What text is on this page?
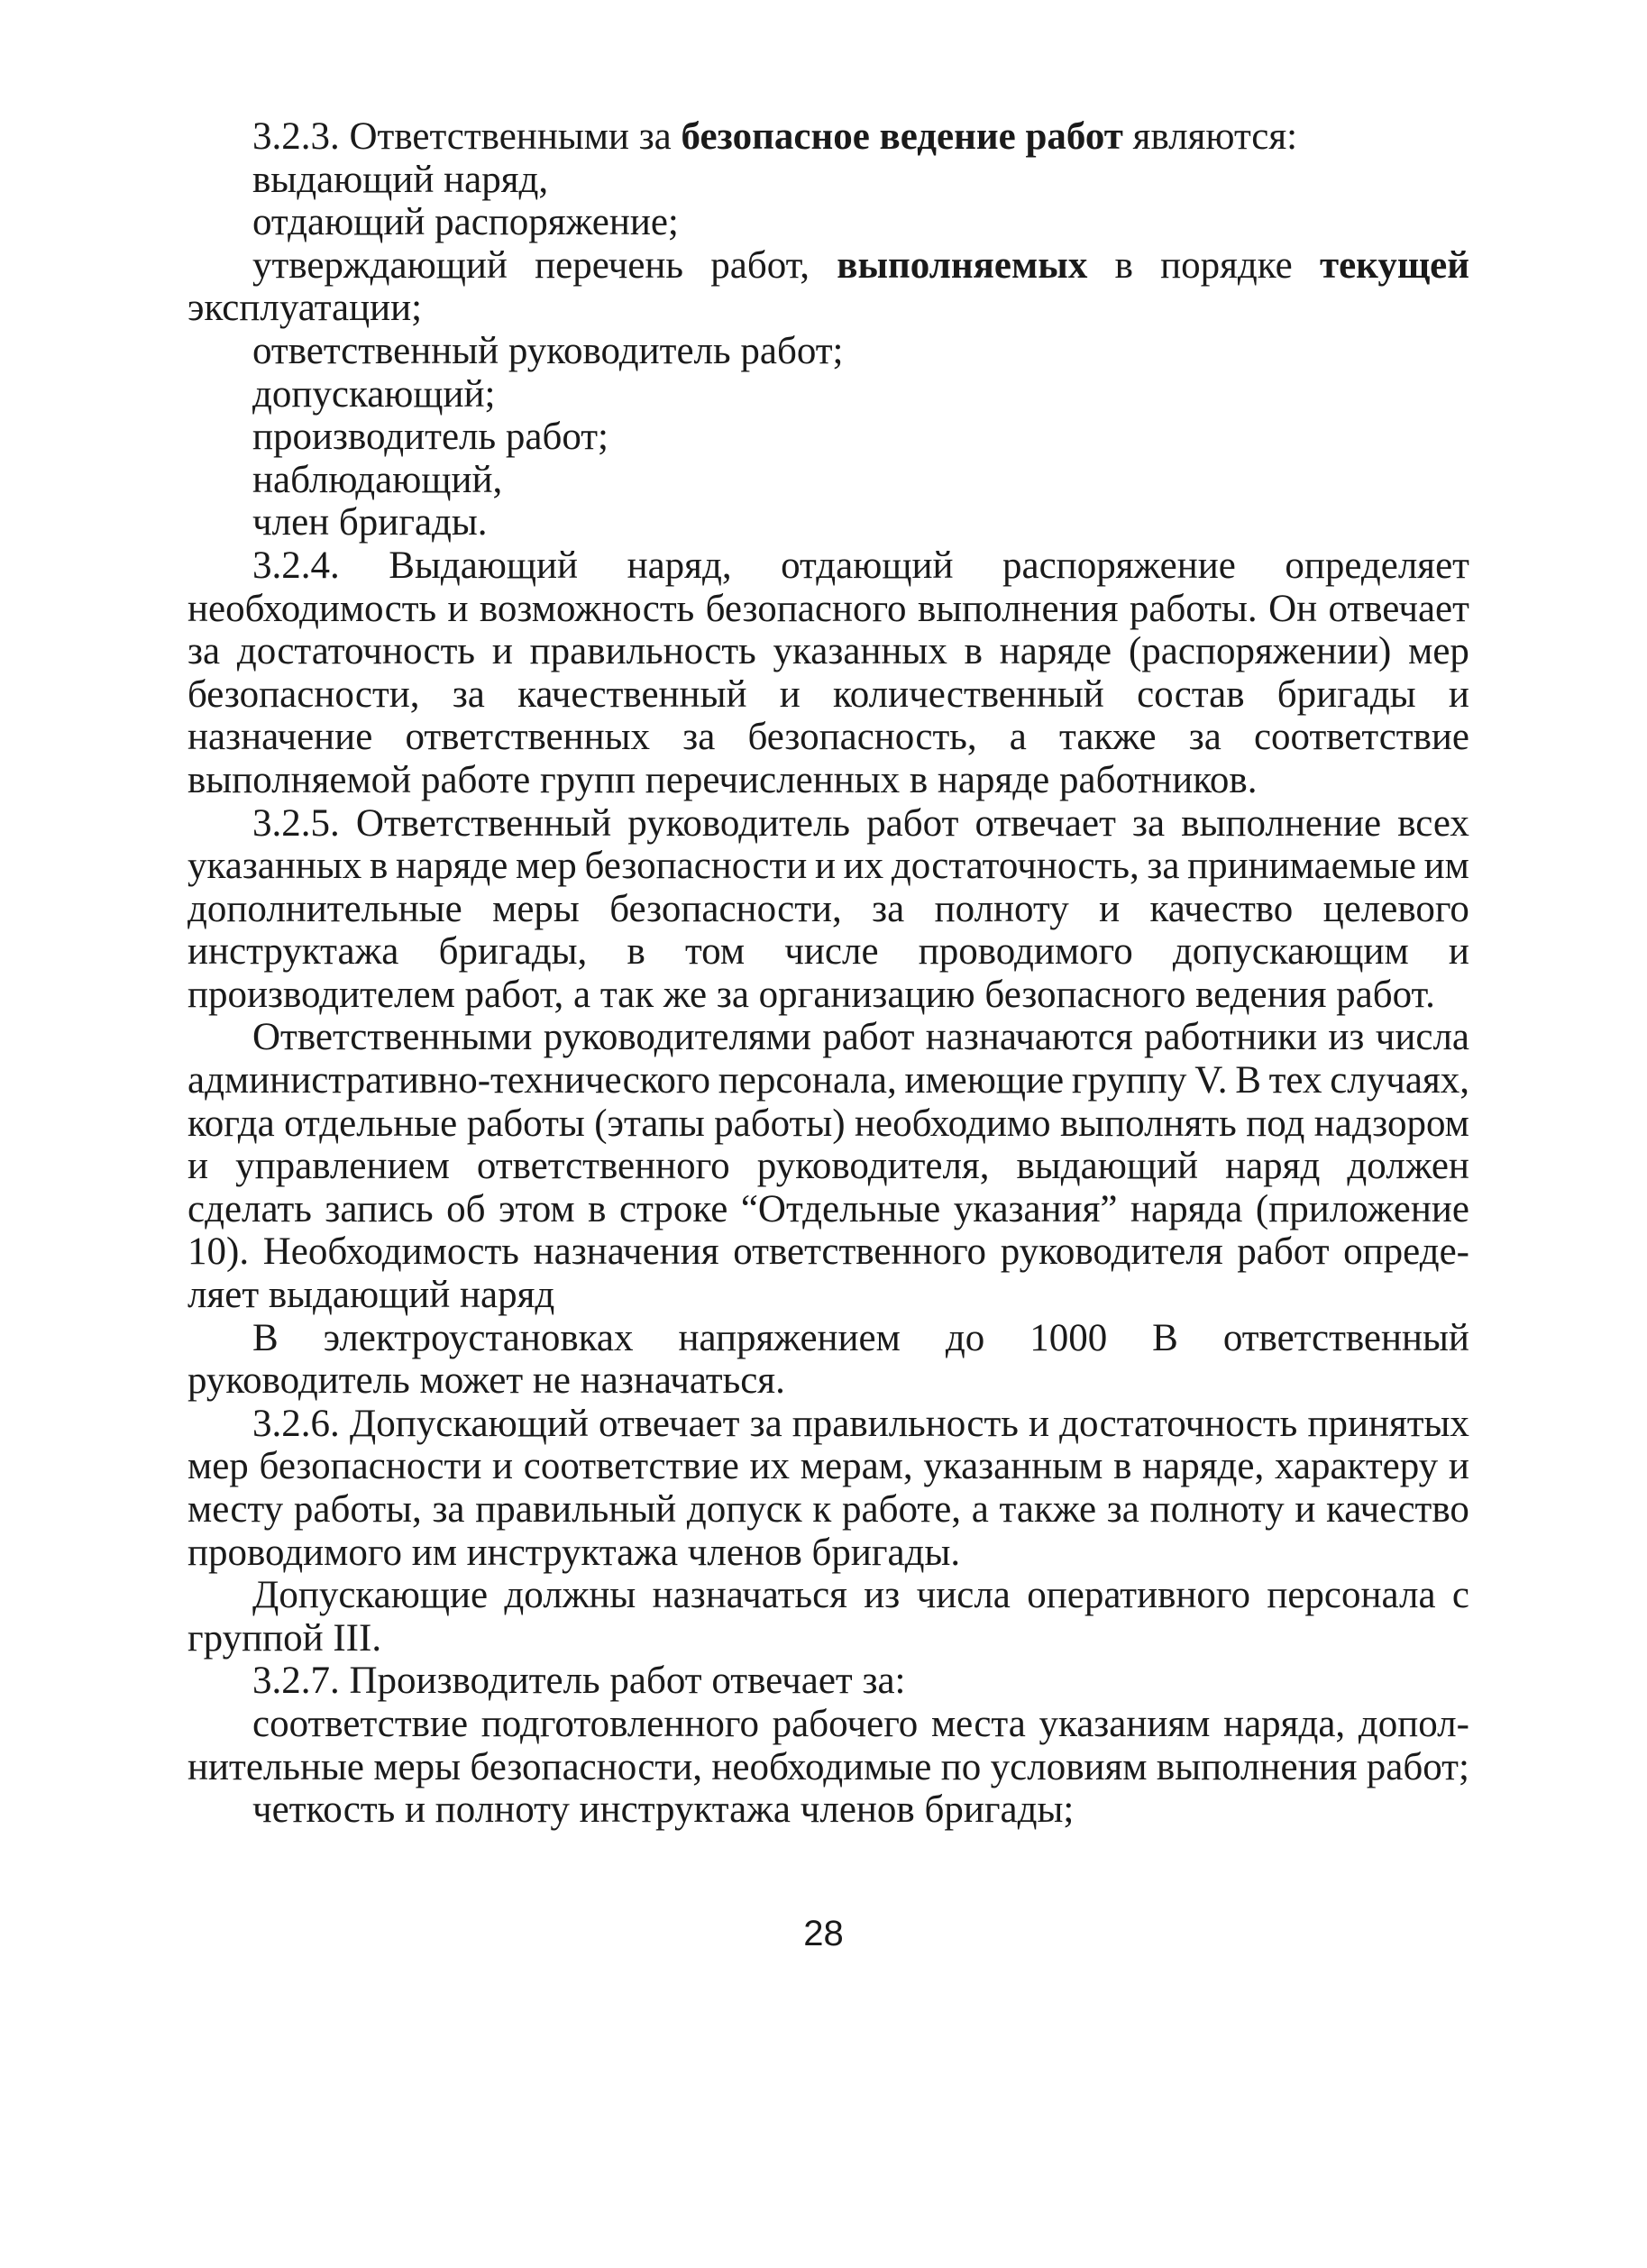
3.2.3. Ответственными за безопасное ведение работ являются:
выдающий наряд,
отдающий распоряжение;
утверждающий перечень работ, выполняемых в порядке текущей
эксплуатации;
ответственный руководитель работ;
допускающий;
производитель работ;
наблюдающий,
член бригады.
3.2.4. Выдающий наряд, отдающий распоряжение определяет
необходимость и возможность безопасного выполнения работы. Он отвечает
за достаточность и правильность указанных в наряде (распоряжении) мер
безопасности, за качественный и количественный состав бригады и
назначение ответственных за безопасность, а также за соответствие
выполняемой работе групп перечисленных в наряде работников.
3.2.5. Ответственный руководитель работ отвечает за выполнение всех
указанных в наряде мер безопасности и их достаточность, за принимаемые им
дополнительные меры безопасности, за полноту и качество целевого
инструктажа бригады, в том числе проводимого допускающим и
производителем работ, а так же за организацию безопасного ведения работ.
Ответственными руководителями работ назначаются работники из числа
административно-технического персонала, имеющие группу V. В тех случаях,
когда отдельные работы (этапы работы) необходимо выполнять под надзором
и управлением ответственного руководителя, выдающий наряд должен
сделать запись об этом в строке “Отдельные указания” наряда (приложение
10). Необходимость назначения ответственного руководителя работ опреде-
ляет выдающий наряд
В электроустановках напряжением до 1000 В ответственный
руководитель может не назначаться.
3.2.6. Допускающий отвечает за правильность и достаточность принятых
мер безопасности и соответствие их мерам, указанным в наряде, характеру и
месту работы, за правильный допуск к работе, а также за полноту и качество
проводимого им инструктажа членов бригады.
Допускающие должны назначаться из числа оперативного персонала с
группой III.
3.2.7. Производитель работ отвечает за:
соответствие подготовленного рабочего места указаниям наряда, допол-
нительные меры безопасности, необходимые по условиям выполнения работ;
четкость и полноту инструктажа членов бригады;
28
